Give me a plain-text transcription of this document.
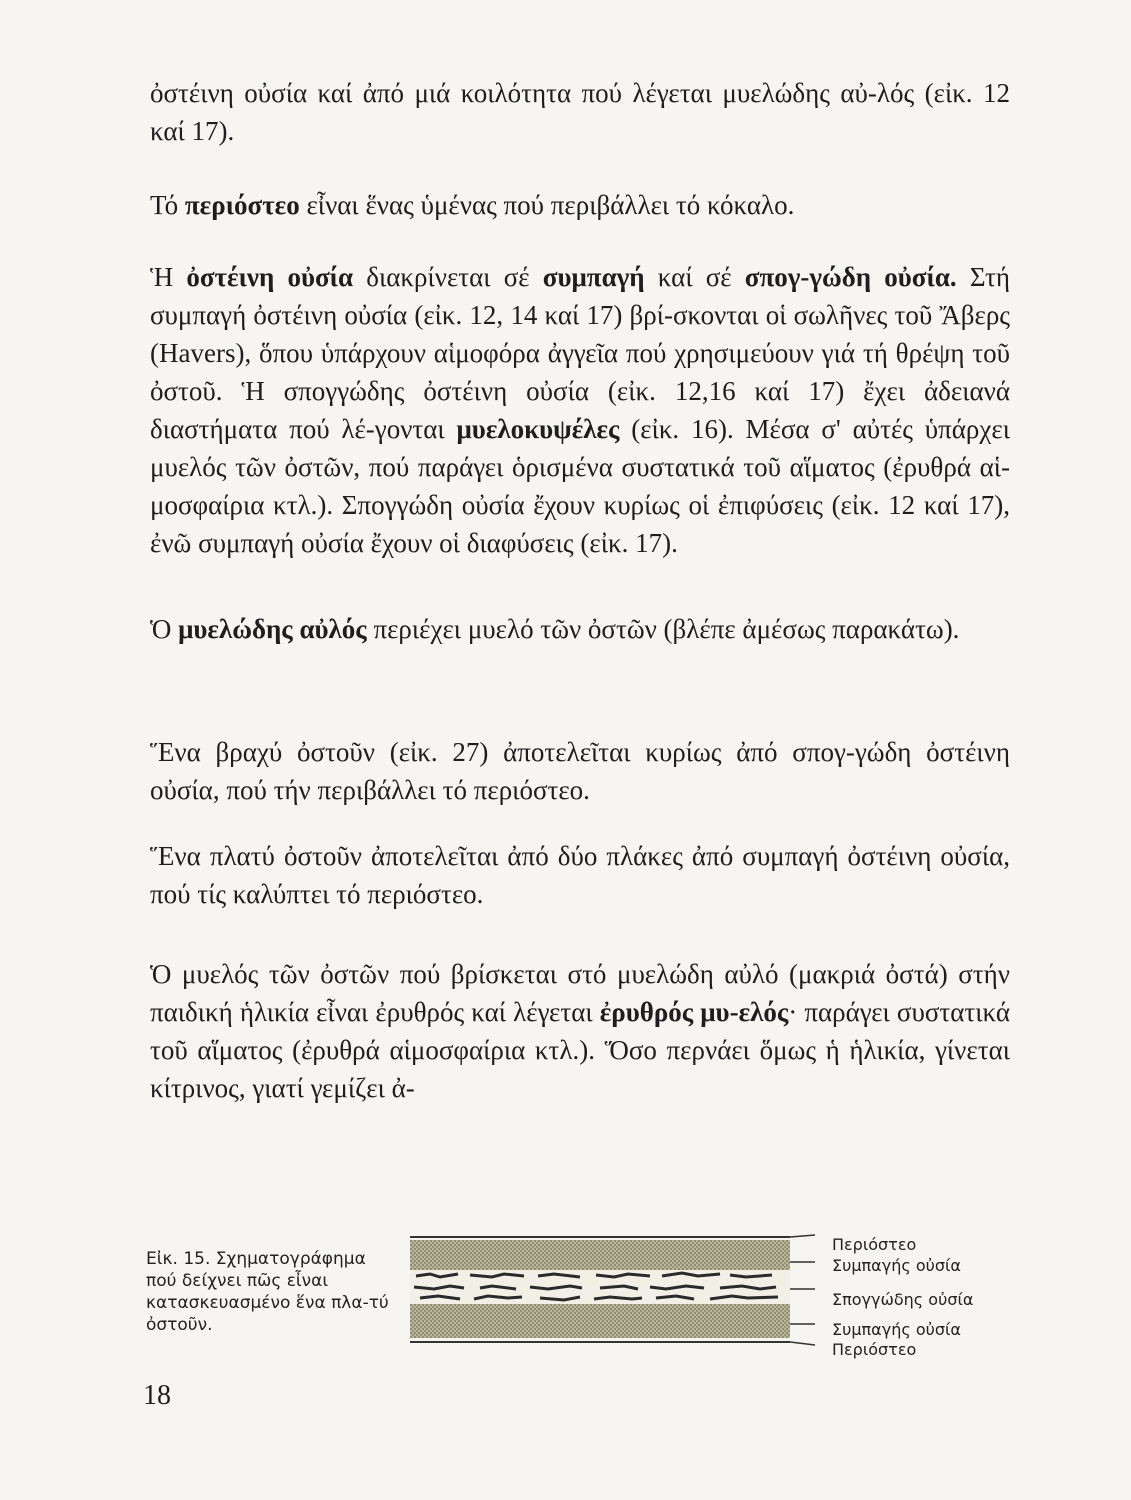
ὀστέινη οὐσία καί ἀπό μιά κοιλότητα πού λέγεται μυελώδης αὐ-λός (εἰκ. 12 καί 17).

Τό περιόστεο εἶναι ἕνας ὑμένας πού περιβάλλει τό κόκαλο.

Ἡ ὀστέινη οὐσία διακρίνεται σέ συμπαγή καί σέ σπογ-γώδη οὐσία. Στή συμπαγή ὀστέινη οὐσία (εἰκ. 12, 14 καί 17) βρί-σκονται οἱ σωλῆνες τοῦ Ἄβερς (Havers), ὅπου ὑπάρχουν αἱμοφόρα ἀγγεῖα πού χρησιμεύουν γιά τή θρέψη τοῦ ὀστοῦ. Ἡ σπογγώδης ὀστέινη οὐσία (εἰκ. 12,16 καί 17) ἔχει ἀδειανά διαστήματα πού λέ-γονται μυελοκυψέλες (εἰκ. 16). Μέσα σ' αὐτές ὑπάρχει μυελός τῶν ὀστῶν, πού παράγει ὁρισμένα συστατικά τοῦ αἵματος (ἐρυθρά αἱ-μοσφαίρια κτλ.). Σπογγώδη οὐσία ἔχουν κυρίως οἱ ἐπιφύσεις (εἰκ. 12 καί 17), ἐνῶ συμπαγή οὐσία ἔχουν οἱ διαφύσεις (εἰκ. 17).

Ὁ μυελώδης αὐλός περιέχει μυελό τῶν ὀστῶν (βλέπε ἀμέσως παρακάτω).

Ἕνα βραχύ ὀστοῦν (εἰκ. 27) ἀποτελεῖται κυρίως ἀπό σπογ-γώδη ὀστέινη οὐσία, πού τήν περιβάλλει τό περιόστεο.

Ἕνα πλατύ ὀστοῦν ἀποτελεῖται ἀπό δύο πλάκες ἀπό συμπαγή ὀστέινη οὐσία, πού τίς καλύπτει τό περιόστεο.

Ὁ μυελός τῶν ὀστῶν πού βρίσκεται στό μυελώδη αὐλό (μακριά ὀστά) στήν παιδική ἡλικία εἶναι ἐρυθρός καί λέγεται ἐρυθρός μυ-ελός· παράγει συστατικά τοῦ αἵματος (ἐρυθρά αἱμοσφαίρια κτλ.). Ὅσο περνάει ὅμως ἡ ἡλικία, γίνεται κίτρινος, γιατί γεμίζει ἀ-

Εἰκ. 15. Σχηματογράφημα πού δείχνει πῶς εἶναι κατασκευασμένο ἕνα πλα-τύ ὀστοῦν.

Περιόστεο
Συμπαγής οὐσία
Σπογγώδης οὐσία
Συμπαγής οὐσία
Περιόστεο

18
